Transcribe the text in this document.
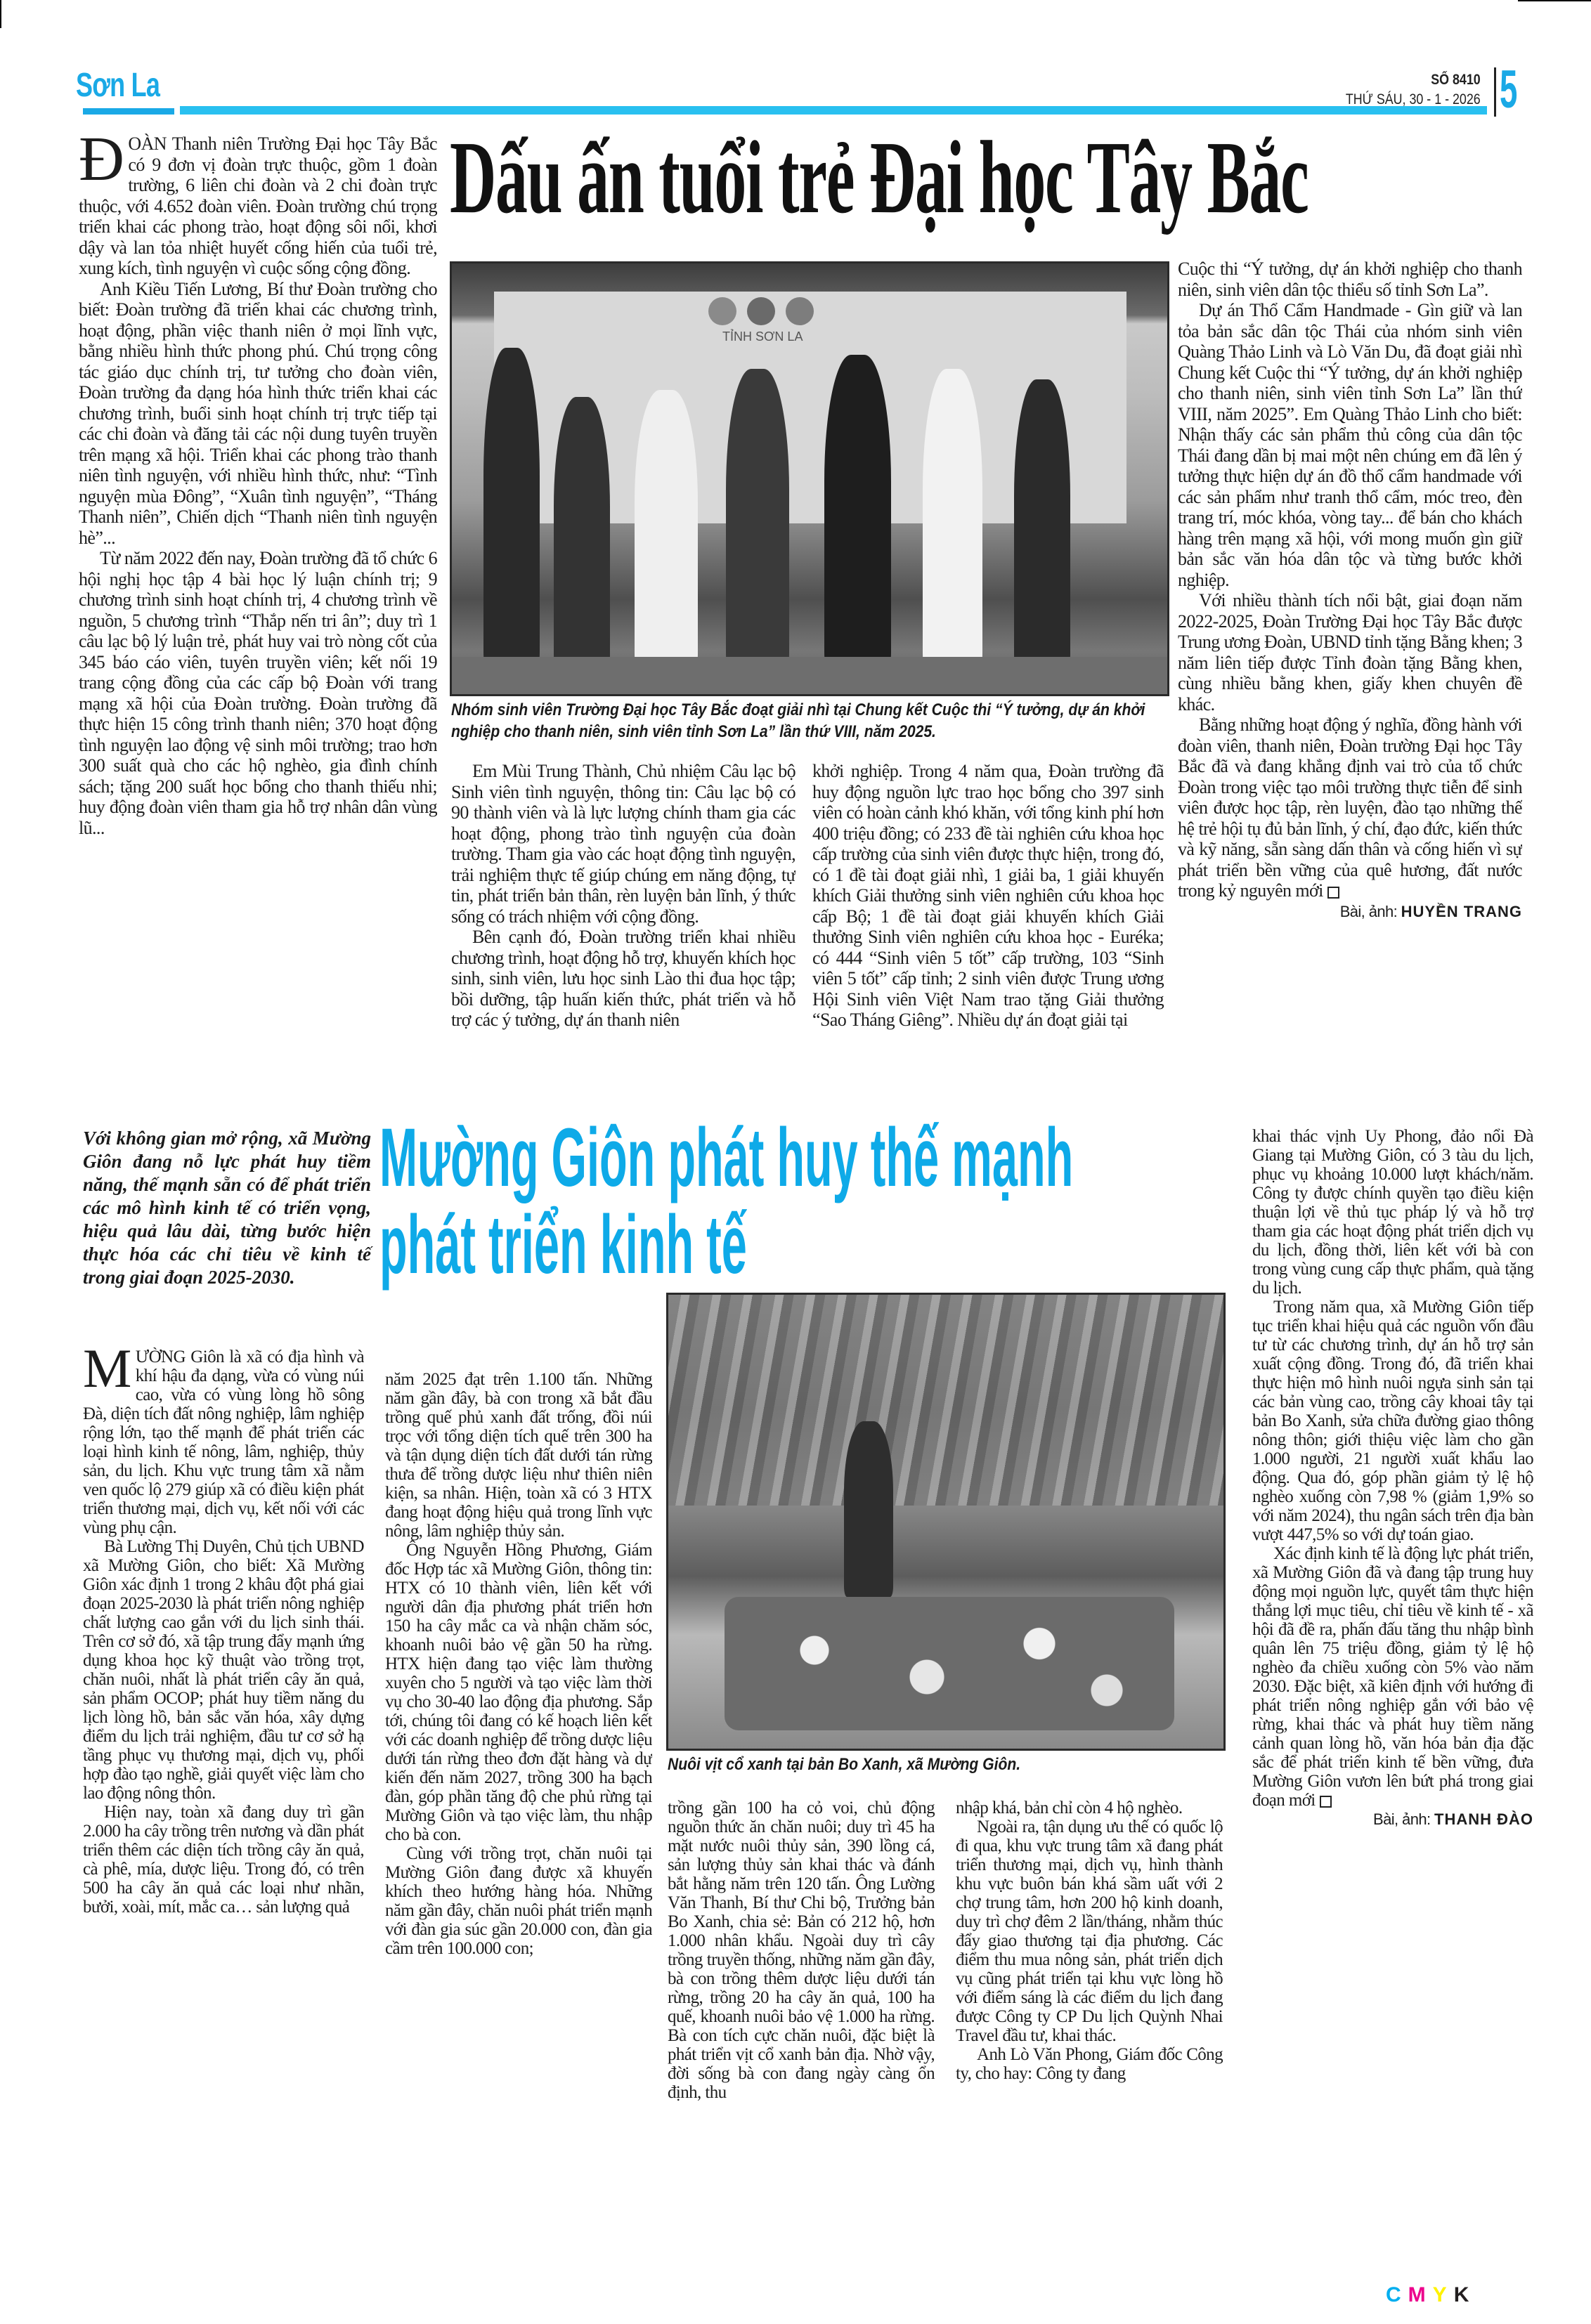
Sơn La	SỐ 8410
THỨ SÁU, 30 - 1 - 2026 5

ĐOÀN Thanh niên Trường Đại học Tây Bắc có 9 đơn vị đoàn trực thuộc, gồm 1 đoàn trường, 6 liên chi đoàn và 2 chi đoàn trực thuộc, với 4.652 đoàn viên. Đoàn trường chú trọng triển khai các phong trào, hoạt động sôi nổi, khơi dậy và lan tỏa nhiệt huyết cống hiến của tuổi trẻ, xung kích, tình nguyện vì cuộc sống cộng đồng.

Anh Kiều Tiến Lương, Bí thư Đoàn trường cho biết: Đoàn trường đã triển khai các chương trình, hoạt động, phần việc thanh niên ở mọi lĩnh vực, bằng nhiều hình thức phong phú. Chú trọng công tác giáo dục chính trị, tư tưởng cho đoàn viên, Đoàn trường đa dạng hóa hình thức triển khai các chương trình, buổi sinh hoạt chính trị trực tiếp tại các chi đoàn và đăng tải các nội dung tuyên truyền trên mạng xã hội. Triển khai các phong trào thanh niên tình nguyện, với nhiều hình thức, như: “Tình nguyện mùa Đông”, “Xuân tình nguyện”, “Tháng Thanh niên”, Chiến dịch “Thanh niên tình nguyện hè”...

Từ năm 2022 đến nay, Đoàn trường đã tổ chức 6 hội nghị học tập 4 bài học lý luận chính trị; 9 chương trình sinh hoạt chính trị, 4 chương trình về nguồn, 5 chương trình “Thắp nến tri ân”; duy trì 1 câu lạc bộ lý luận trẻ, phát huy vai trò nòng cốt của 345 báo cáo viên, tuyên truyền viên; kết nối 19 trang cộng đồng của các cấp bộ Đoàn với trang mạng xã hội của Đoàn trường. Đoàn trường đã thực hiện 15 công trình thanh niên; 370 hoạt động tình nguyện lao động vệ sinh môi trường; trao hơn 300 suất quà cho các hộ nghèo, gia đình chính sách; tặng 200 suất học bổng cho thanh thiếu nhi; huy động đoàn viên tham gia hỗ trợ nhân dân vùng lũ...

Dấu ấn tuổi trẻ Đại học Tây Bắc
TỈNH SƠN LA
Nhóm sinh viên Trường Đại học Tây Bắc đoạt giải nhì tại Chung kết Cuộc thi “Ý tưởng, dự án khởi nghiệp cho thanh niên, sinh viên tỉnh Sơn La” lần thứ VIII, năm 2025.

Em Mùi Trung Thành, Chủ nhiệm Câu lạc bộ Sinh viên tình nguyện, thông tin: Câu lạc bộ có 90 thành viên và là lực lượng chính tham gia các hoạt động, phong trào tình nguyện của đoàn trường. Tham gia vào các hoạt động tình nguyện, trải nghiệm thực tế giúp chúng em năng động, tự tin, phát triển bản thân, rèn luyện bản lĩnh, ý thức sống có trách nhiệm với cộng đồng.

Bên cạnh đó, Đoàn trường triển khai nhiều chương trình, hoạt động hỗ trợ, khuyến khích học sinh, sinh viên, lưu học sinh Lào thi đua học tập; bồi dưỡng, tập huấn kiến thức, phát triển và hỗ trợ các ý tưởng, dự án thanh niên

khởi nghiệp. Trong 4 năm qua, Đoàn trường đã huy động nguồn lực trao học bổng cho 397 sinh viên có hoàn cảnh khó khăn, với tổng kinh phí hơn 400 triệu đồng; có 233 đề tài nghiên cứu khoa học cấp trường của sinh viên được thực hiện, trong đó, có 1 đề tài đoạt giải nhì, 1 giải ba, 1 giải khuyến khích Giải thưởng sinh viên nghiên cứu khoa học cấp Bộ; 1 đề tài đoạt giải khuyến khích Giải thưởng Sinh viên nghiên cứu khoa học - Euréka; có 444 “Sinh viên 5 tốt” cấp trường, 103 “Sinh viên 5 tốt” cấp tỉnh; 2 sinh viên được Trung ương Hội Sinh viên Việt Nam trao tặng Giải thưởng “Sao Tháng Giêng”. Nhiều dự án đoạt giải tại

Cuộc thi “Ý tưởng, dự án khởi nghiệp cho thanh niên, sinh viên dân tộc thiểu số tỉnh Sơn La”.

Dự án Thổ Cẩm Handmade - Gìn giữ và lan tỏa bản sắc dân tộc Thái của nhóm sinh viên Quàng Thảo Linh và Lò Văn Du, đã đoạt giải nhì Chung kết Cuộc thi “Ý tưởng, dự án khởi nghiệp cho thanh niên, sinh viên tỉnh Sơn La” lần thứ VIII, năm 2025”. Em Quàng Thảo Linh cho biết: Nhận thấy các sản phẩm thủ công của dân tộc Thái đang dần bị mai một nên chúng em đã lên ý tưởng thực hiện dự án đồ thổ cẩm handmade với các sản phẩm như tranh thổ cẩm, móc treo, đèn trang trí, móc khóa, vòng tay... để bán cho khách hàng trên mạng xã hội, với mong muốn gìn giữ bản sắc văn hóa dân tộc và từng bước khởi nghiệp.

Với nhiều thành tích nổi bật, giai đoạn năm 2022-2025, Đoàn Trường Đại học Tây Bắc được Trung ương Đoàn, UBND tỉnh tặng Bằng khen; 3 năm liên tiếp được Tỉnh đoàn tặng Bằng khen, cùng nhiều bằng khen, giấy khen chuyên đề khác.

Bằng những hoạt động ý nghĩa, đồng hành với đoàn viên, thanh niên, Đoàn trường Đại học Tây Bắc đã và đang khẳng định vai trò của tổ chức Đoàn trong việc tạo môi trường thực tiễn để sinh viên được học tập, rèn luyện, đào tạo những thế hệ trẻ hội tụ đủ bản lĩnh, ý chí, đạo đức, kiến thức và kỹ năng, sẵn sàng dấn thân và cống hiến vì sự phát triển bền vững của quê hương, đất nước trong kỷ nguyên mới

Bài, ảnh: HUYỀN TRANG
Với không gian mở rộng, xã Mường Giôn đang nỗ lực phát huy tiềm năng, thế mạnh sẵn có để phát triển các mô hình kinh tế có triển vọng, hiệu quả lâu dài, từng bước hiện thực hóa các chỉ tiêu về kinh tế trong giai đoạn 2025-2030.
Mường Giôn phát huy thế mạnh
phát triển kinh tế

MƯỜNG Giôn là xã có địa hình và khí hậu đa dạng, vừa có vùng núi cao, vừa có vùng lòng hồ sông Đà, diện tích đất nông nghiệp, lâm nghiệp rộng lớn, tạo thế mạnh để phát triển các loại hình kinh tế nông, lâm, nghiệp, thủy sản, du lịch. Khu vực trung tâm xã nằm ven quốc lộ 279 giúp xã có điều kiện phát triển thương mại, dịch vụ, kết nối với các vùng phụ cận.

Bà Lường Thị Duyên, Chủ tịch UBND xã Mường Giôn, cho biết: Xã Mường Giôn xác định 1 trong 2 khâu đột phá giai đoạn 2025-2030 là phát triển nông nghiệp chất lượng cao gắn với du lịch sinh thái. Trên cơ sở đó, xã tập trung đẩy mạnh ứng dụng khoa học kỹ thuật vào trồng trọt, chăn nuôi, nhất là phát triển cây ăn quả, sản phẩm OCOP; phát huy tiềm năng du lịch lòng hồ, bản sắc văn hóa, xây dựng điểm du lịch trải nghiệm, đầu tư cơ sở hạ tầng phục vụ thương mại, dịch vụ, phối hợp đào tạo nghề, giải quyết việc làm cho lao động nông thôn.

Hiện nay, toàn xã đang duy trì gần 2.000 ha cây trồng trên nương và dần phát triển thêm các diện tích trồng cây ăn quả, cà phê, mía, dược liệu. Trong đó, có trên 500 ha cây ăn quả các loại như nhãn, bưởi, xoài, mít, mắc ca… sản lượng quả

năm 2025 đạt trên 1.100 tấn. Những năm gần đây, bà con trong xã bắt đầu trồng quế phủ xanh đất trống, đồi núi trọc với tổng diện tích quế trên 300 ha và tận dụng diện tích đất dưới tán rừng thưa để trồng dược liệu như thiên niên kiện, sa nhân. Hiện, toàn xã có 3 HTX đang hoạt động hiệu quả trong lĩnh vực nông, lâm nghiệp thủy sản.

Ông Nguyễn Hồng Phương, Giám đốc Hợp tác xã Mường Giôn, thông tin: HTX có 10 thành viên, liên kết với người dân địa phương phát triển hơn 150 ha cây mắc ca và nhận chăm sóc, khoanh nuôi bảo vệ gần 50 ha rừng. HTX hiện đang tạo việc làm thường xuyên cho 5 người và tạo việc làm thời vụ cho 30-40 lao động địa phương. Sắp tới, chúng tôi đang có kế hoạch liên kết với các doanh nghiệp để trồng dược liệu dưới tán rừng theo đơn đặt hàng và dự kiến đến năm 2027, trồng 300 ha bạch đàn, góp phần tăng độ che phủ rừng tại Mường Giôn và tạo việc làm, thu nhập cho bà con.

Cùng với trồng trọt, chăn nuôi tại Mường Giôn đang được xã khuyến khích theo hướng hàng hóa. Những năm gần đây, chăn nuôi phát triển mạnh với đàn gia súc gần 20.000 con, đàn gia cầm trên 100.000 con;

Nuôi vịt cổ xanh tại bản Bo Xanh, xã Mường Giôn.

trồng gần 100 ha cỏ voi, chủ động nguồn thức ăn chăn nuôi; duy trì 45 ha mặt nước nuôi thủy sản, 390 lồng cá, sản lượng thủy sản khai thác và đánh bắt hằng năm trên 120 tấn. Ông Lường Văn Thanh, Bí thư Chi bộ, Trưởng bản Bo Xanh, chia sẻ: Bản có 212 hộ, hơn 1.000 nhân khẩu. Ngoài duy trì cây trồng truyền thống, những năm gần đây, bà con trồng thêm dược liệu dưới tán rừng, trồng 20 ha cây ăn quả, 100 ha quế, khoanh nuôi bảo vệ 1.000 ha rừng. Bà con tích cực chăn nuôi, đặc biệt là phát triển vịt cổ xanh bản địa. Nhờ vậy, đời sống bà con đang ngày càng ổn định, thu

nhập khá, bản chỉ còn 4 hộ nghèo.

Ngoài ra, tận dụng ưu thế có quốc lộ đi qua, khu vực trung tâm xã đang phát triển thương mại, dịch vụ, hình thành khu vực buôn bán khá sầm uất với 2 chợ trung tâm, hơn 200 hộ kinh doanh, duy trì chợ đêm 2 lần/tháng, nhằm thúc đẩy giao thương tại địa phương. Các điểm thu mua nông sản, phát triển dịch vụ cũng phát triển tại khu vực lòng hồ với điểm sáng là các điểm du lịch đang được Công ty CP Du lịch Quỳnh Nhai Travel đầu tư, khai thác.

Anh Lò Văn Phong, Giám đốc Công ty, cho hay: Công ty đang

khai thác vịnh Uy Phong, đảo nổi Đà Giang tại Mường Giôn, có 3 tàu du lịch, phục vụ khoảng 10.000 lượt khách/năm. Công ty được chính quyền tạo điều kiện thuận lợi về thủ tục pháp lý và hỗ trợ tham gia các hoạt động phát triển dịch vụ du lịch, đồng thời, liên kết với bà con trong vùng cung cấp thực phẩm, quà tặng du lịch.

Trong năm qua, xã Mường Giôn tiếp tục triển khai hiệu quả các nguồn vốn đầu tư từ các chương trình, dự án hỗ trợ sản xuất cộng đồng. Trong đó, đã triển khai thực hiện mô hình nuôi ngựa sinh sản tại các bản vùng cao, trồng cây khoai tây tại bản Bo Xanh, sửa chữa đường giao thông nông thôn; giới thiệu việc làm cho gần 1.000 người, 21 người xuất khẩu lao động. Qua đó, góp phần giảm tỷ lệ hộ nghèo xuống còn 7,98 % (giảm 1,9% so với năm 2024), thu ngân sách trên địa bàn vượt 447,5% so với dự toán giao.

Xác định kinh tế là động lực phát triển, xã Mường Giôn đã và đang tập trung huy động mọi nguồn lực, quyết tâm thực hiện thắng lợi mục tiêu, chỉ tiêu về kinh tế - xã hội đã đề ra, phấn đấu tăng thu nhập bình quân lên 75 triệu đồng, giảm tỷ lệ hộ nghèo đa chiều xuống còn 5% vào năm 2030. Đặc biệt, xã kiên định với hướng đi phát triển nông nghiệp gắn với bảo vệ rừng, khai thác và phát huy tiềm năng cảnh quan lòng hồ, văn hóa bản địa đặc sắc để phát triển kinh tế bền vững, đưa Mường Giôn vươn lên bứt phá trong giai đoạn mới

Bài, ảnh: THANH ĐÀO
CMYK
